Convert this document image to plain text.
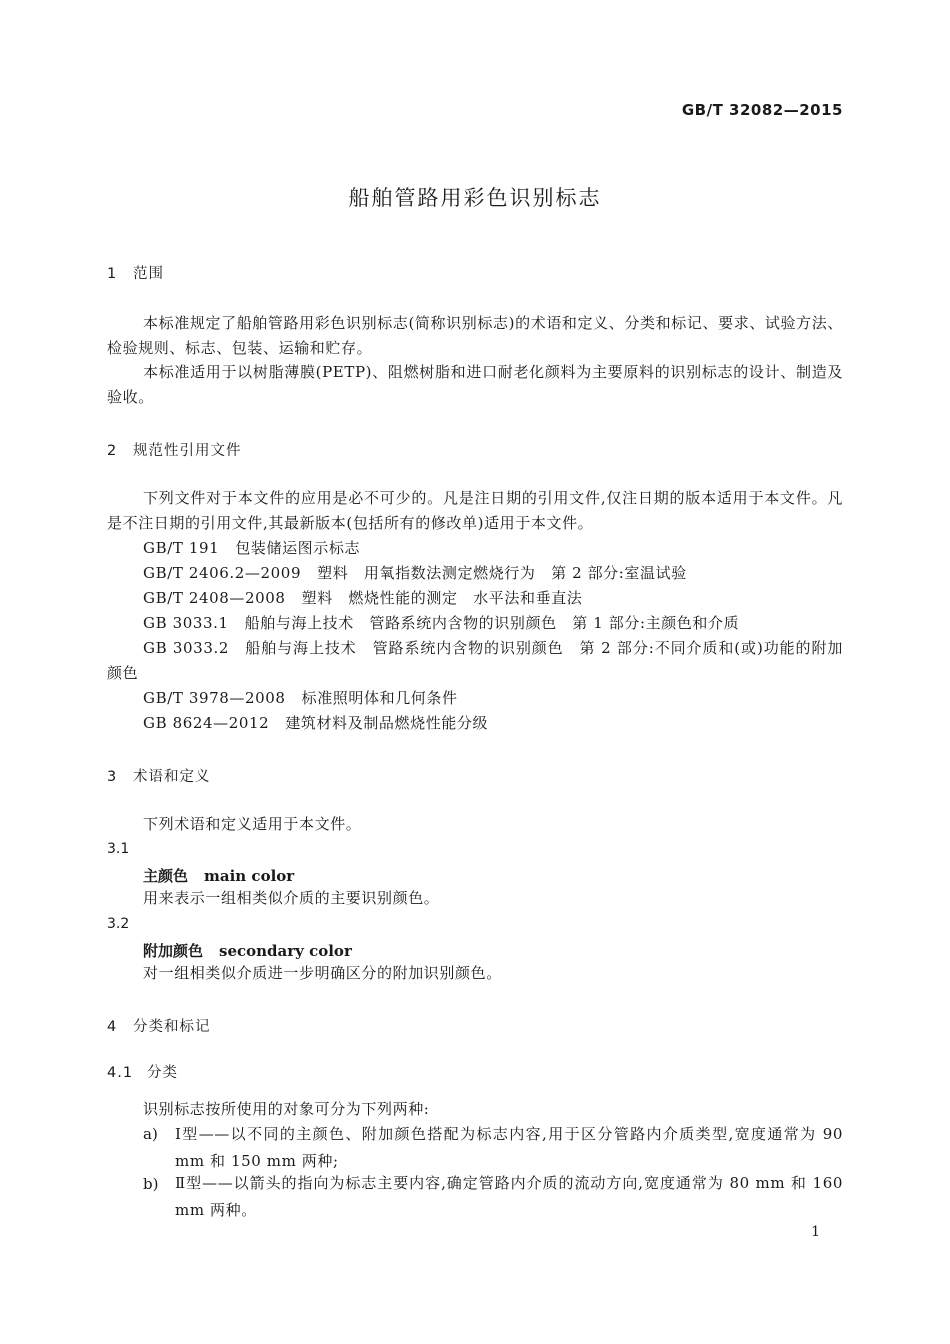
GB/T 32082—2015
船舶管路用彩色识别标志
1 范围

本标准规定了船舶管路用彩色识别标志(简称识别标志)的术语和定义、分类和标记、要求、试验方法、检验规则、标志、包装、运输和贮存。

本标准适用于以树脂薄膜(PETP)、阻燃树脂和进口耐老化颜料为主要原料的识别标志的设计、制造及验收。

2 规范性引用文件

下列文件对于本文件的应用是必不可少的。凡是注日期的引用文件,仅注日期的版本适用于本文件。凡是不注日期的引用文件,其最新版本(包括所有的修改单)适用于本文件。

GB/T 191 包装储运图示标志

GB/T 2406.2—2009 塑料　用氧指数法测定燃烧行为　第 2 部分:室温试验

GB/T 2408—2008 塑料　燃烧性能的测定　水平法和垂直法

GB 3033.1 船舶与海上技术　管路系统内含物的识别颜色　第 1 部分:主颜色和介质

GB 3033.2 船舶与海上技术　管路系统内含物的识别颜色　第 2 部分:不同介质和(或)功能的附加颜色

GB/T 3978—2008 标准照明体和几何条件

GB 8624—2012 建筑材料及制品燃烧性能分级

3 术语和定义

下列术语和定义适用于本文件。

3.1
主颜色 main color

用来表示一组相类似介质的主要识别颜色。

3.2
附加颜色 secondary color

对一组相类似介质进一步明确区分的附加识别颜色。

4 分类和标记
4.1 分类

识别标志按所使用的对象可分为下列两种:

a) Ⅰ型——以不同的主颜色、附加颜色搭配为标志内容,用于区分管路内介质类型,宽度通常为 90 mm 和 150 mm 两种;

b) Ⅱ型——以箭头的指向为标志主要内容,确定管路内介质的流动方向,宽度通常为 80 mm 和 160 mm 两种。

1
